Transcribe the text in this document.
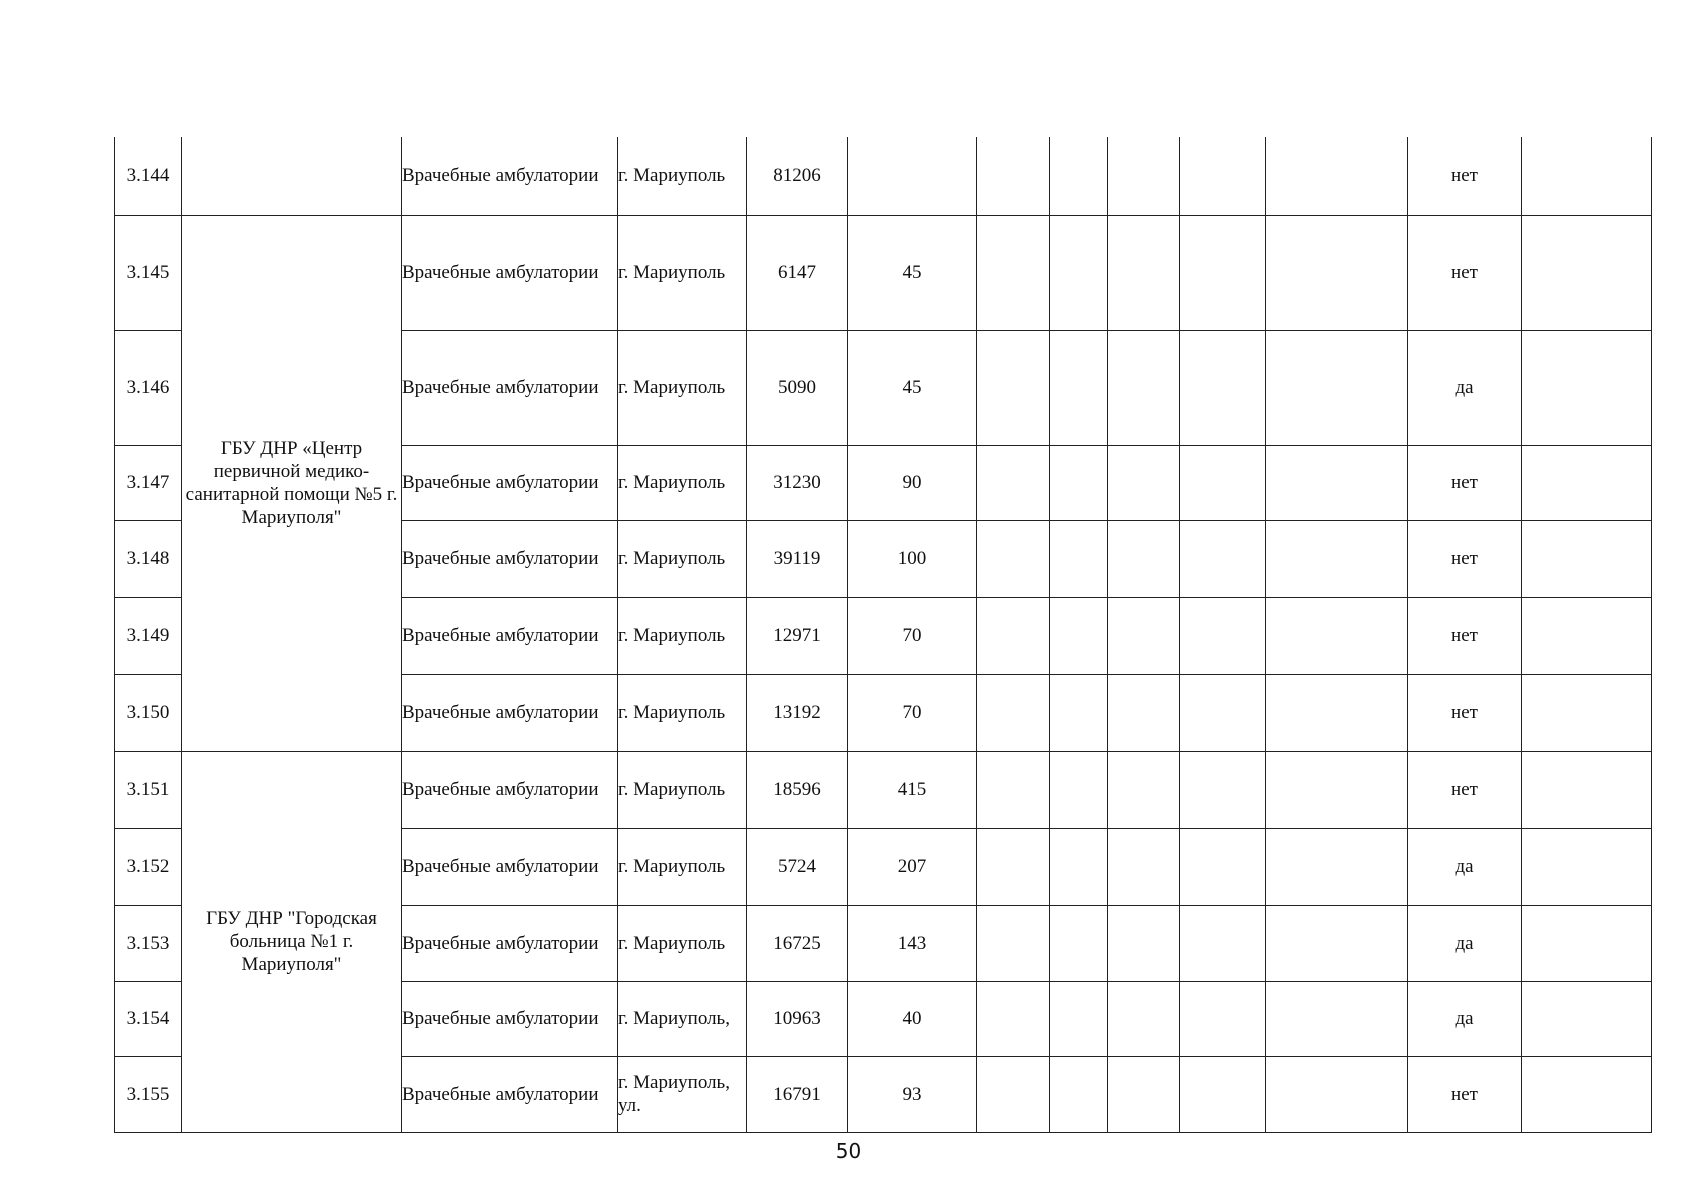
3.144		Врачебные амбулатории	г. Мариуполь	81206							нет	
3.145	ГБУ ДНР «Центр первичной медико-санитарной помощи №5 г. Мариуполя"	Врачебные амбулатории	г. Мариуполь	6147	45						нет	
3.146		Врачебные амбулатории	г. Мариуполь	5090	45						да	
3.147		Врачебные амбулатории	г. Мариуполь	31230	90						нет	
3.148		Врачебные амбулатории	г. Мариуполь	39119	100						нет	
3.149		Врачебные амбулатории	г. Мариуполь	12971	70						нет	
3.150		Врачебные амбулатории	г. Мариуполь	13192	70						нет	
3.151	ГБУ ДНР "Городская больница №1 г. Мариуполя"	Врачебные амбулатории	г. Мариуполь	18596	415						нет	
3.152		Врачебные амбулатории	г. Мариуполь	5724	207						да	
3.153		Врачебные амбулатории	г. Мариуполь	16725	143						да	
3.154		Врачебные амбулатории	г. Мариуполь,	10963	40						да	
3.155		Врачебные амбулатории	г. Мариуполь, ул.	16791	93						нет	
50
